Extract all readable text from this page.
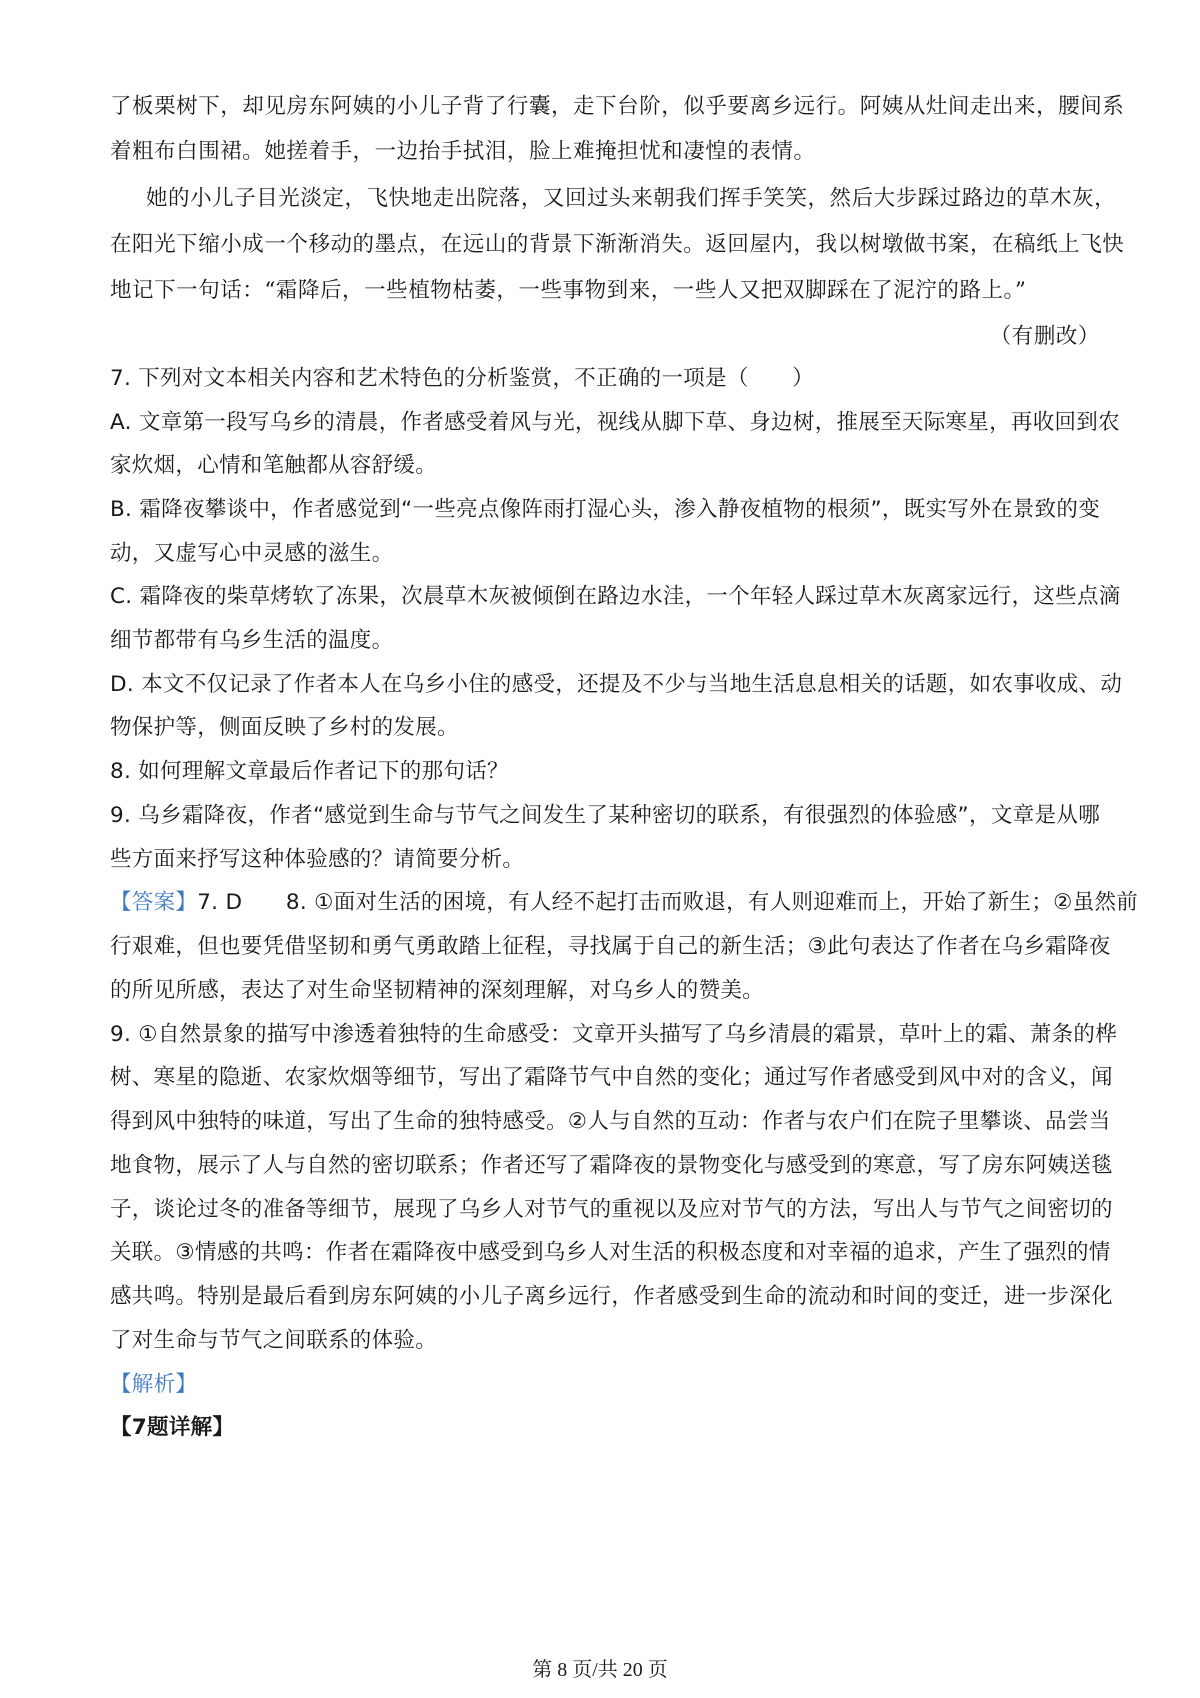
了板栗树下，却见房东阿姨的小儿子背了行囊，走下台阶，似乎要离乡远行。阿姨从灶间走出来，腰间系

着粗布白围裙。她搓着手，一边抬手拭泪，脸上难掩担忧和凄惶的表情。

她的小儿子目光淡定，飞快地走出院落，又回过头来朝我们挥手笑笑，然后大步踩过路边的草木灰，

在阳光下缩小成一个移动的墨点，在远山的背景下渐渐消失。返回屋内，我以树墩做书案，在稿纸上飞快

地记下一句话：“霜降后，一些植物枯萎，一些事物到来，一些人又把双脚踩在了泥泞的路上。”

（有删改）

7. 下列对文本相关内容和艺术特色的分析鉴赏，不正确的一项是（　　）

A. 文章第一段写乌乡的清晨，作者感受着风与光，视线从脚下草、身边树，推展至天际寒星，再收回到农

家炊烟，心情和笔触都从容舒缓。

B. 霜降夜攀谈中，作者感觉到“一些亮点像阵雨打湿心头，渗入静夜植物的根须”，既实写外在景致的变

动，又虚写心中灵感的滋生。

C. 霜降夜的柴草烤软了冻果，次晨草木灰被倾倒在路边水洼，一个年轻人踩过草木灰离家远行，这些点滴

细节都带有乌乡生活的温度。

D. 本文不仅记录了作者本人在乌乡小住的感受，还提及不少与当地生活息息相关的话题，如农事收成、动

物保护等，侧面反映了乡村的发展。

8. 如何理解文章最后作者记下的那句话？

9. 乌乡霜降夜，作者“感觉到生命与节气之间发生了某种密切的联系，有很强烈的体验感”，文章是从哪

些方面来抒写这种体验感的？请简要分析。

【答案】7. D　　8. ①面对生活的困境，有人经不起打击而败退，有人则迎难而上，开始了新生；②虽然前

行艰难，但也要凭借坚韧和勇气勇敢踏上征程，寻找属于自己的新生活；③此句表达了作者在乌乡霜降夜

的所见所感，表达了对生命坚韧精神的深刻理解，对乌乡人的赞美。

9. ①自然景象的描写中渗透着独特的生命感受：文章开头描写了乌乡清晨的霜景，草叶上的霜、萧条的桦

树、寒星的隐逝、农家炊烟等细节，写出了霜降节气中自然的变化；通过写作者感受到风中对的含义，闻

得到风中独特的味道，写出了生命的独特感受。②人与自然的互动：作者与农户们在院子里攀谈、品尝当

地食物，展示了人与自然的密切联系；作者还写了霜降夜的景物变化与感受到的寒意，写了房东阿姨送毯

子，谈论过冬的准备等细节，展现了乌乡人对节气的重视以及应对节气的方法，写出人与节气之间密切的

关联。③情感的共鸣：作者在霜降夜中感受到乌乡人对生活的积极态度和对幸福的追求，产生了强烈的情

感共鸣。特别是最后看到房东阿姨的小儿子离乡远行，作者感受到生命的流动和时间的变迁，进一步深化

了对生命与节气之间联系的体验。

【解析】

【7题详解】

第 8 页/共 20 页
